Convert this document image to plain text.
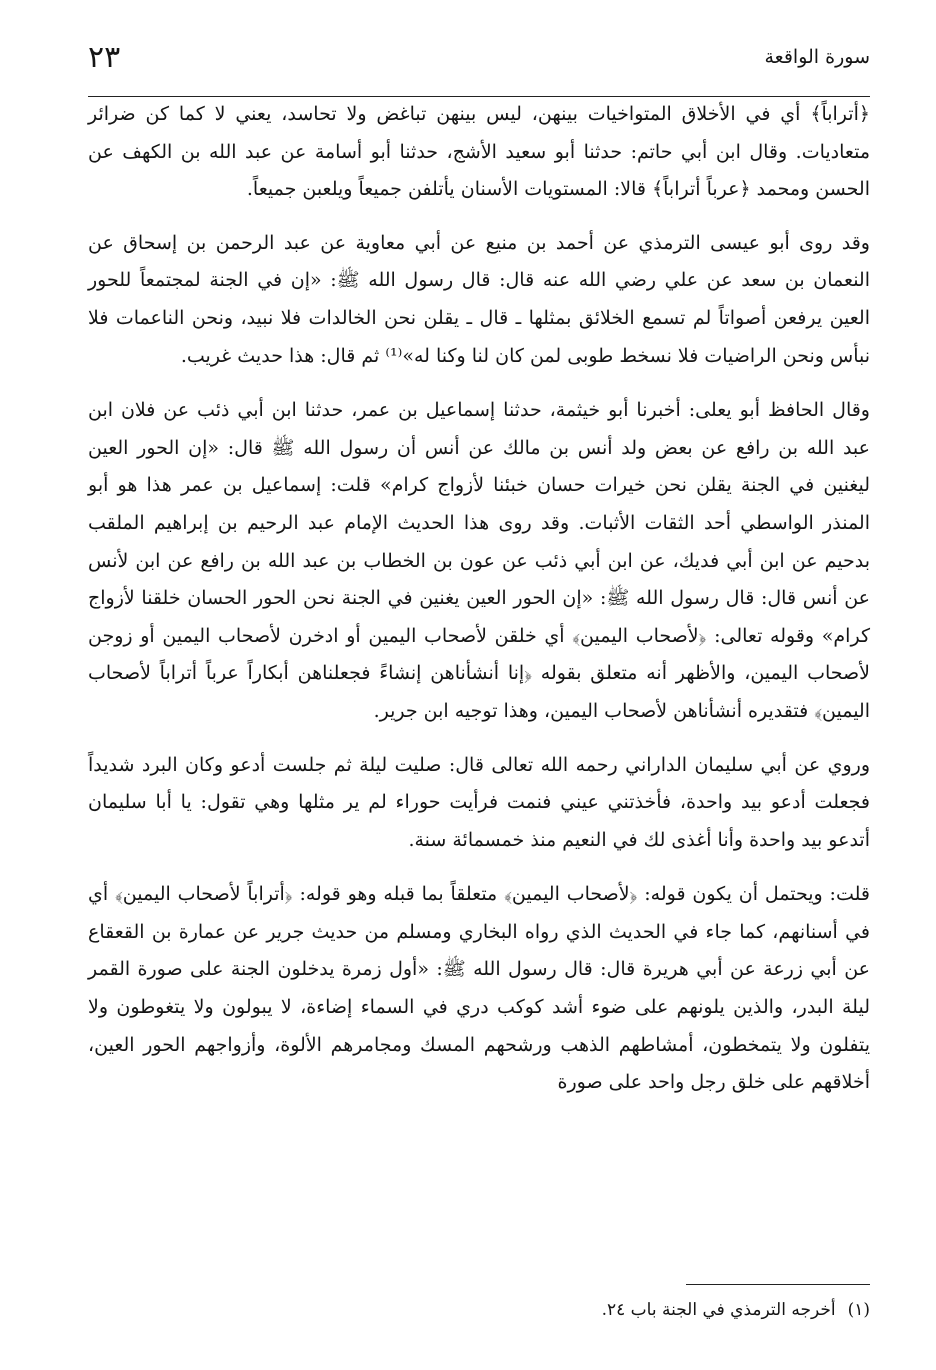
سورة الواقعة
٢٣

﴿أتراباً﴾ أي في الأخلاق المتواخيات بينهن، ليس بينهن تباغض ولا تحاسد، يعني لا كما كن ضرائر متعاديات. وقال ابن أبي حاتم: حدثنا أبو سعيد الأشج، حدثنا أبو أسامة عن عبد الله بن الكهف عن الحسن ومحمد ﴿عرباً أتراباً﴾ قالا: المستويات الأسنان يأتلفن جميعاً ويلعبن جميعاً.

وقد روى أبو عيسى الترمذي عن أحمد بن منيع عن أبي معاوية عن عبد الرحمن بن إسحاق عن النعمان بن سعد عن علي رضي الله عنه قال: قال رسول الله ﷺ: «إن في الجنة لمجتمعاً للحور العين يرفعن أصواتاً لم تسمع الخلائق بمثلها ـ قال ـ يقلن نحن الخالدات فلا نبيد، ونحن الناعمات فلا نبأس ونحن الراضيات فلا نسخط طوبى لمن كان لنا وكنا له»⁽¹⁾ ثم قال: هذا حديث غريب.

وقال الحافظ أبو يعلى: أخبرنا أبو خيثمة، حدثنا إسماعيل بن عمر، حدثنا ابن أبي ذئب عن فلان ابن عبد الله بن رافع عن بعض ولد أنس بن مالك عن أنس أن رسول الله ﷺ قال: «إن الحور العين ليغنين في الجنة يقلن نحن خيرات حسان خبئنا لأزواج كرام» قلت: إسماعيل بن عمر هذا هو أبو المنذر الواسطي أحد الثقات الأثبات. وقد روى هذا الحديث الإمام عبد الرحيم بن إبراهيم الملقب بدحيم عن ابن أبي فديك، عن ابن أبي ذئب عن عون بن الخطاب بن عبد الله بن رافع عن ابن لأنس عن أنس قال: قال رسول الله ﷺ: «إن الحور العين يغنين في الجنة نحن الحور الحسان خلقنا لأزواج كرام» وقوله تعالى: ﴿لأصحاب اليمين﴾ أي خلقن لأصحاب اليمين أو ادخرن لأصحاب اليمين أو زوجن لأصحاب اليمين، والأظهر أنه متعلق بقوله ﴿إنا أنشأناهن إنشاءً فجعلناهن أبكاراً عرباً أتراباً لأصحاب اليمين﴾ فتقديره أنشأناهن لأصحاب اليمين، وهذا توجيه ابن جرير.

وروي عن أبي سليمان الداراني رحمه الله تعالى قال: صليت ليلة ثم جلست أدعو وكان البرد شديداً فجعلت أدعو بيد واحدة، فأخذتني عيني فنمت فرأيت حوراء لم ير مثلها وهي تقول: يا أبا سليمان أتدعو بيد واحدة وأنا أغذى لك في النعيم منذ خمسمائة سنة.

قلت: ويحتمل أن يكون قوله: ﴿لأصحاب اليمين﴾ متعلقاً بما قبله وهو قوله: ﴿أتراباً لأصحاب اليمين﴾ أي في أسنانهم، كما جاء في الحديث الذي رواه البخاري ومسلم من حديث جرير عن عمارة بن القعقاع عن أبي زرعة عن أبي هريرة قال: قال رسول الله ﷺ: «أول زمرة يدخلون الجنة على صورة القمر ليلة البدر، والذين يلونهم على ضوء أشد كوكب دري في السماء إضاءة، لا يبولون ولا يتغوطون ولا يتفلون ولا يتمخطون، أمشاطهم الذهب ورشحهم المسك ومجامرهم الألوة، وأزواجهم الحور العين، أخلاقهم على خلق رجل واحد على صورة

(١)أخرجه الترمذي في الجنة باب ٢٤.
